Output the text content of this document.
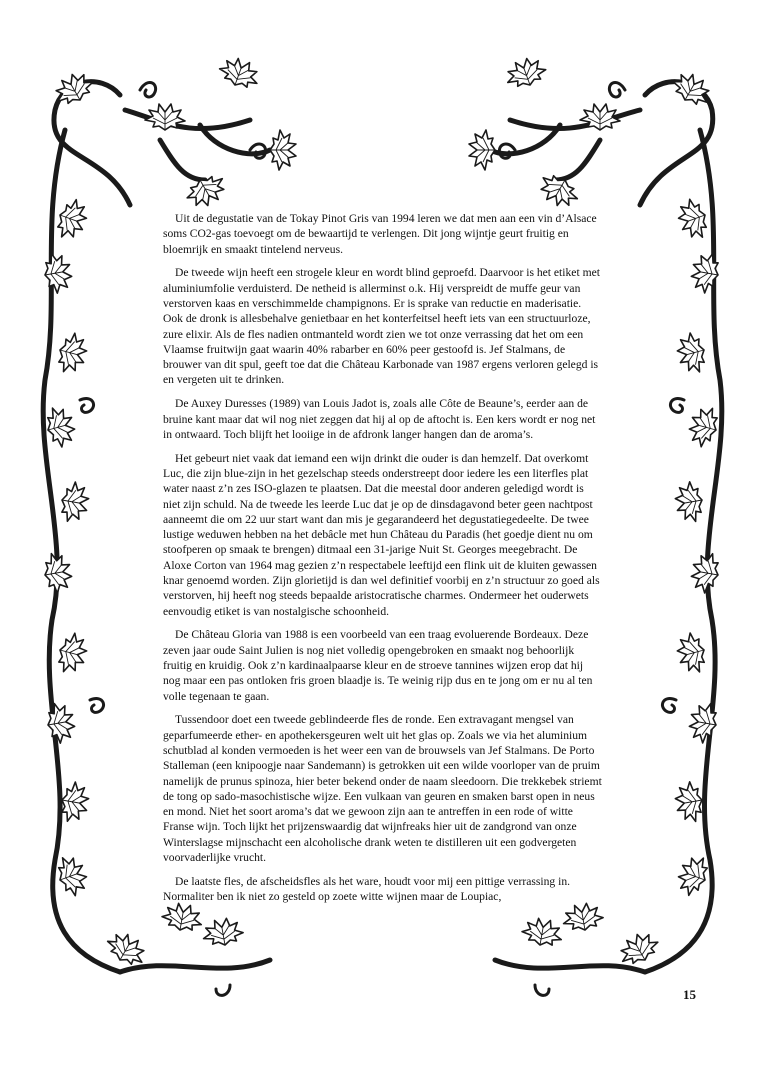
Uit de degustatie van de Tokay Pinot Gris van 1994 leren we dat men aan een vin d’Alsace soms CO2-gas toevoegt om de bewaartijd te verlengen. Dit jong wijntje geurt fruitig en bloemrijk en smaakt tintelend nerveus.

De tweede wijn heeft een strogele kleur en wordt blind geproefd. Daarvoor is het etiket met aluminiumfolie verduisterd. De netheid is allerminst o.k. Hij verspreidt de muffe geur van verstorven kaas en verschimmelde champignons. Er is sprake van reductie en maderisatie. Ook de dronk is allesbehalve genietbaar en het konterfeitsel heeft iets van een structuurloze, zure elixir. Als de fles nadien ontmanteld wordt zien we tot onze verrassing dat het om een Vlaamse fruitwijn gaat waarin 40% rabarber en 60% peer gestoofd is. Jef Stalmans, de brouwer van dit spul, geeft toe dat die Château Karbonade van 1987 ergens verloren gelegd is en vergeten uit te drinken.

De Auxey Duresses (1989) van Louis Jadot is, zoals alle Côte de Beaune’s, eerder aan de bruine kant maar dat wil nog niet zeggen dat hij al op de aftocht is. Een kers wordt er nog net in ontwaard. Toch blijft het looiige in de afdronk langer hangen dan de aroma’s.

Het gebeurt niet vaak dat iemand een wijn drinkt die ouder is dan hemzelf. Dat overkomt Luc, die zijn blue-zijn in het gezelschap steeds onderstreept door iedere les een literfles plat water naast z’n zes ISO-glazen te plaatsen. Dat die meestal door anderen geledigd wordt is niet zijn schuld. Na de tweede les leerde Luc dat je op de dinsdagavond beter geen nachtpost aanneemt die om 22 uur start want dan mis je gegarandeerd het degustatiegedeelte. De twee lustige weduwen hebben na het debâcle met hun Château du Paradis (het goedje dient nu om stoofperen op smaak te brengen) ditmaal een 31-jarige Nuit St. Georges meegebracht. De Aloxe Corton van 1964 mag gezien z’n respectabele leeftijd een flink uit de kluiten gewassen knar genoemd worden. Zijn glorietijd is dan wel definitief voorbij en z’n structuur zo goed als verstorven, hij heeft nog steeds bepaalde aristocratische charmes. Ondermeer het ouderwets eenvoudig etiket is van nostalgische schoonheid.

De Château Gloria van 1988 is een voorbeeld van een traag evoluerende Bordeaux. Deze zeven jaar oude Saint Julien is nog niet volledig opengebroken en smaakt nog behoorlijk fruitig en kruidig. Ook z’n kardinaalpaarse kleur en de stroeve tannines wijzen erop dat hij nog maar een pas ontloken fris groen blaadje is. Te weinig rijp dus en te jong om er nu al ten volle tegenaan te gaan.

Tussendoor doet een tweede geblindeerde fles de ronde. Een extravagant mengsel van geparfumeerde ether- en apothekersgeuren welt uit het glas op. Zoals we via het aluminium schutblad al konden vermoeden is het weer een van de brouwsels van Jef Stalmans. De Porto Stalleman (een knipoogje naar Sandemann) is getrokken uit een wilde voorloper van de pruim namelijk de prunus spinoza, hier beter bekend onder de naam sleedoorn. Die trekkebek striemt de tong op sado-masochistische wijze. Een vulkaan van geuren en smaken barst open in neus en mond. Niet het soort aroma’s dat we gewoon zijn aan te antreffen in een rode of witte Franse wijn. Toch lijkt het prijzenswaardig dat wijnfreaks hier uit de zandgrond van onze Winterslagse mijnschacht een alcoholische drank weten te distilleren uit een godvergeten voorvaderlijke vrucht.

De laatste fles, de afscheidsfles als het ware, houdt voor mij een pittige verrassing in. Normaliter ben ik niet zo gesteld op zoete witte wijnen maar de Loupiac,

15
